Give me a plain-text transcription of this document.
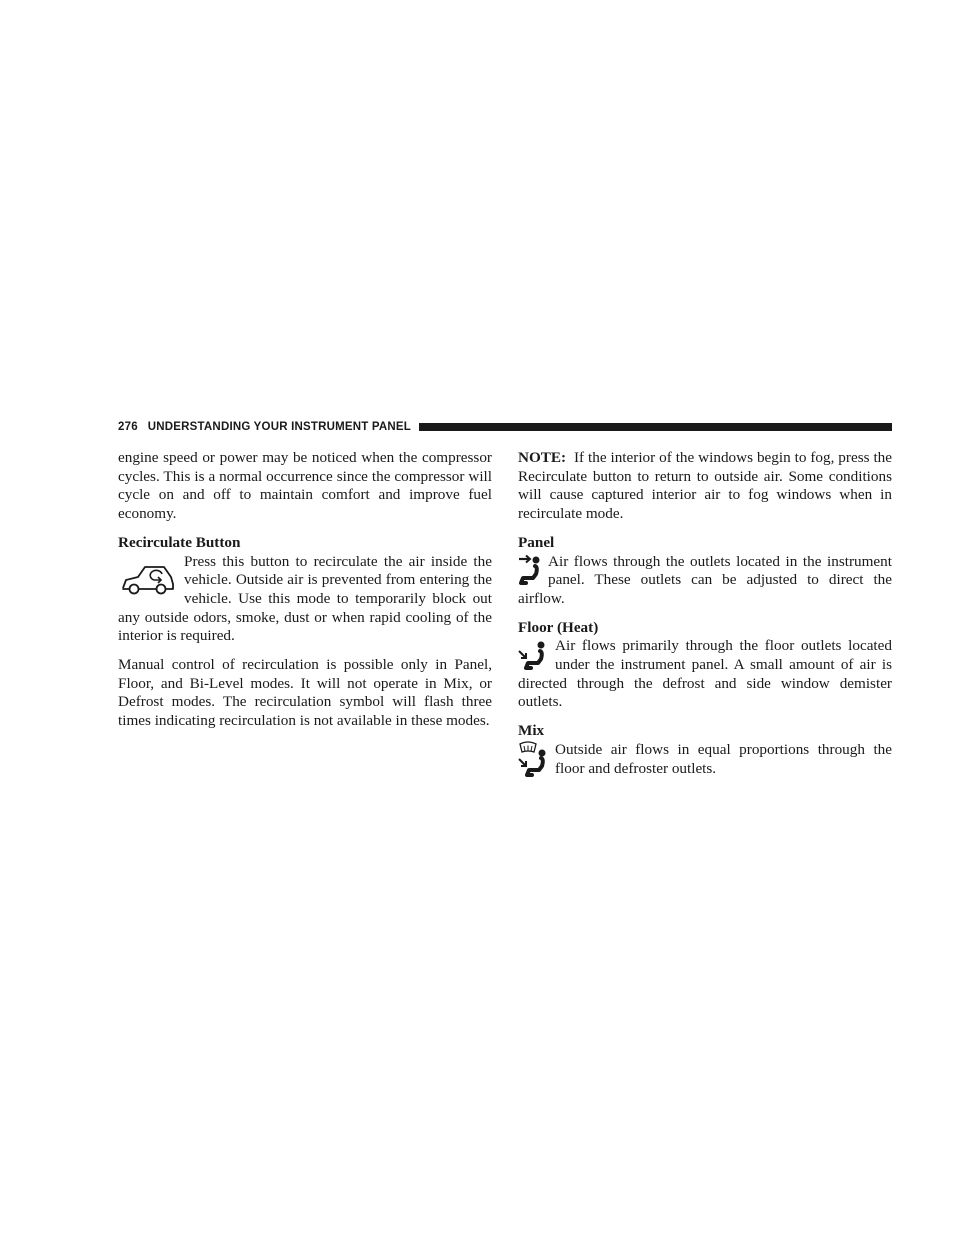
276 UNDERSTANDING YOUR INSTRUMENT PANEL

engine speed or power may be noticed when the compressor cycles. This is a normal occurrence since the compressor will cycle on and off to maintain comfort and improve fuel economy.

Recirculate Button

Press this button to recirculate the air inside the vehicle. Outside air is prevented from entering the vehicle. Use this mode to temporarily block out any outside odors, smoke, dust or when rapid cooling of the interior is required.

Manual control of recirculation is possible only in Panel, Floor, and Bi-Level modes. It will not operate in Mix, or Defrost modes. The recirculation symbol will flash three times indicating recirculation is not available in these modes.

NOTE: If the interior of the windows begin to fog, press the Recirculate button to return to outside air. Some conditions will cause captured interior air to fog windows when in recirculate mode.

Panel

Air flows through the outlets located in the instrument panel. These outlets can be adjusted to direct the airflow.

Floor (Heat)

Air flows primarily through the floor outlets located under the instrument panel. A small amount of air is directed through the defrost and side window demister outlets.

Mix

Outside air flows in equal proportions through the floor and defroster outlets.
